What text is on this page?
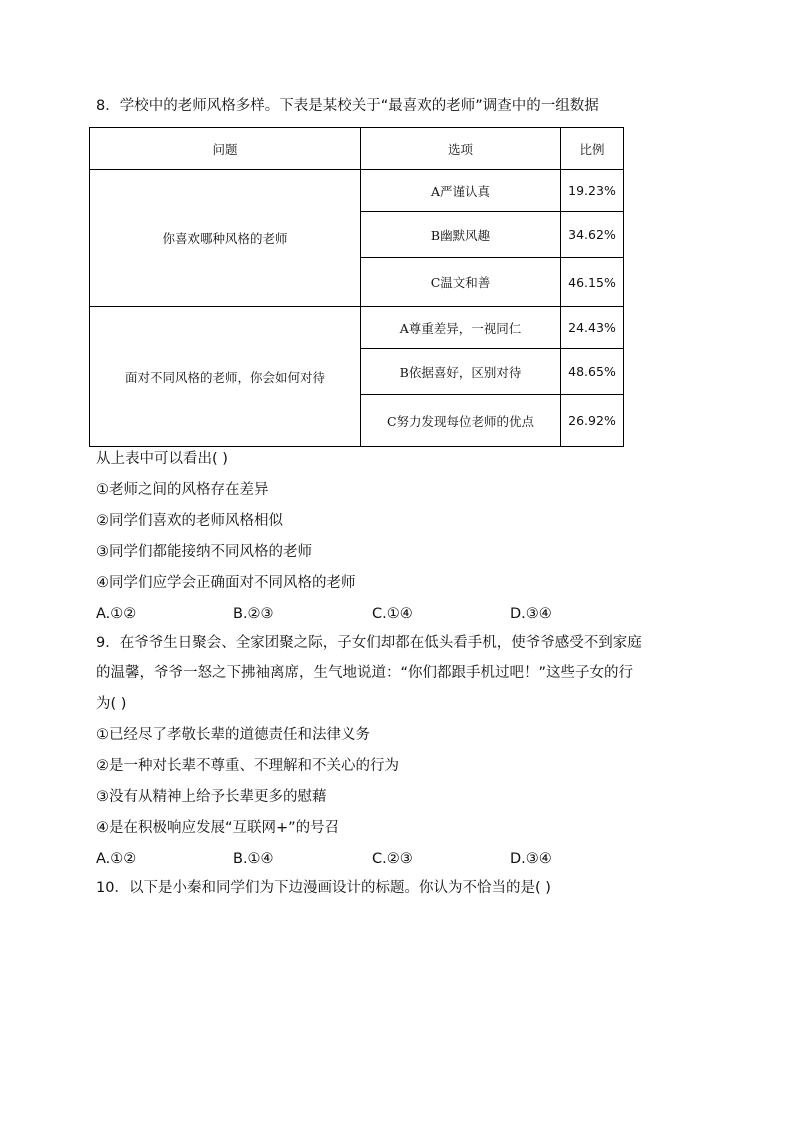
8．学校中的老师风格多样。下表是某校关于“最喜欢的老师”调查中的一组数据
问题	选项	比例
你喜欢哪种风格的老师	A严谨认真	19.23%
	B幽默风趣	34.62%
	C温文和善	46.15%
面对不同风格的老师，你会如何对待	A尊重差异，一视同仁	24.43%
	B依据喜好，区别对待	48.65%
	C努力发现每位老师的优点	26.92%
从上表中可以看出( )
①老师之间的风格存在差异
②同学们喜欢的老师风格相似
③同学们都能接纳不同风格的老师
④同学们应学会正确面对不同风格的老师
A.①②	B.②③	C.①④	D.③④
9．在爷爷生日聚会、全家团聚之际，子女们却都在低头看手机，使爷爷感受不到家庭
的温馨，爷爷一怒之下拂袖离席，生气地说道：“你们都跟手机过吧！”这些子女的行
为( )
①已经尽了孝敬长辈的道德责任和法律义务
②是一种对长辈不尊重、不理解和不关心的行为
③没有从精神上给予长辈更多的慰藉
④是在积极响应发展“互联网+”的号召
A.①②	B.①④	C.②③	D.③④
10．以下是小秦和同学们为下边漫画设计的标题。你认为不恰当的是( )
